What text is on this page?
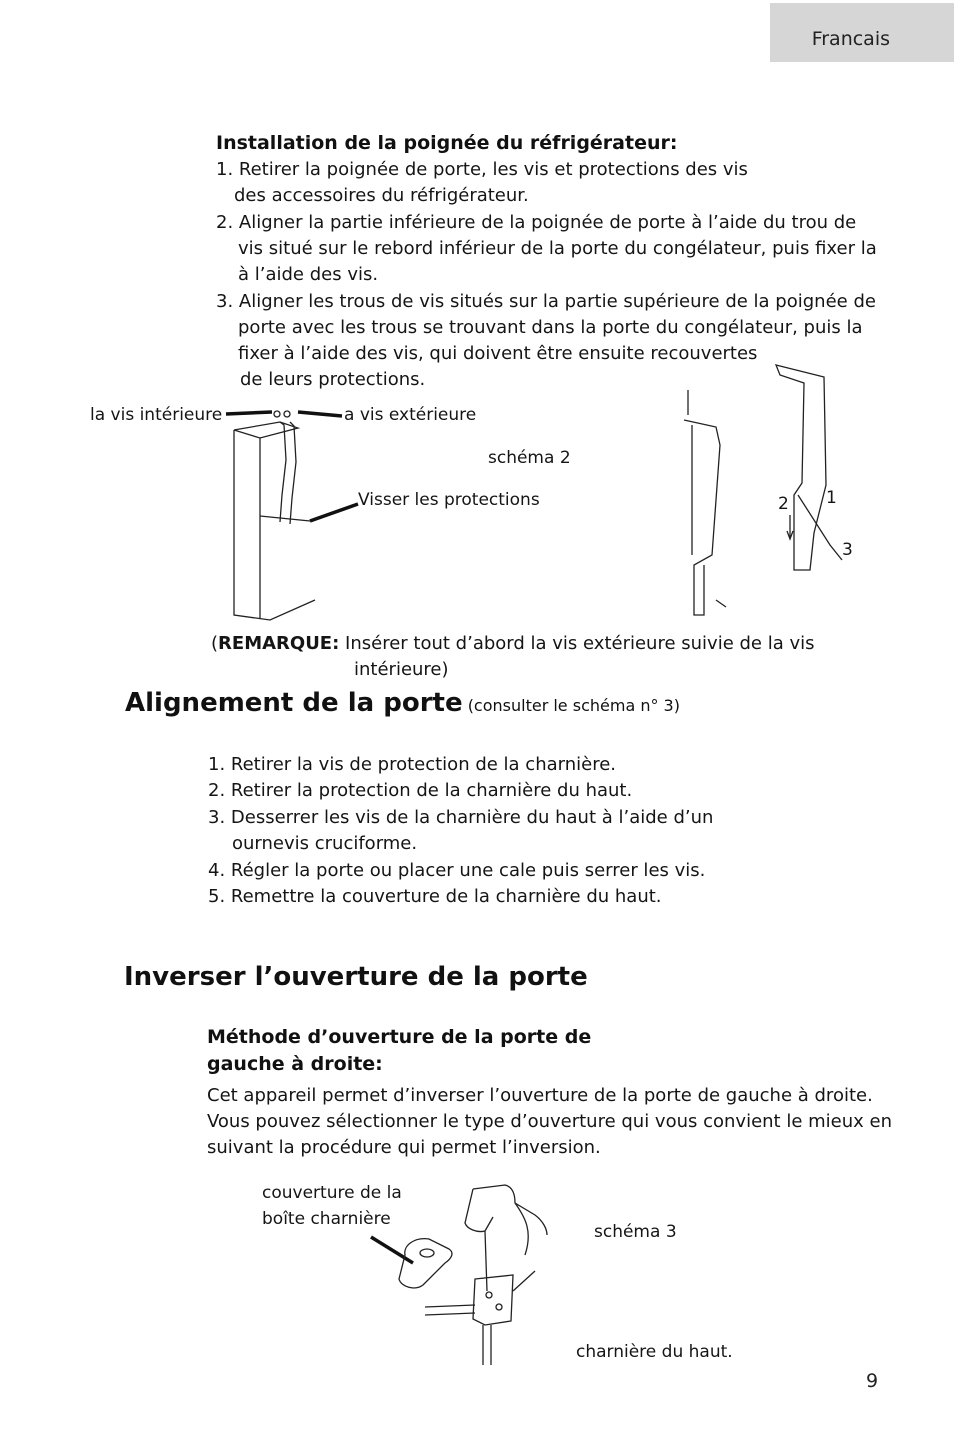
Francais
Installation de la poignée du réfrigérateur:
1. Retirer la poignée de porte, les vis et protections des vis
des accessoires du réfrigérateur.
2. Aligner la partie inférieure de la poignée de porte à l’aide du trou de
vis situé sur le rebord inférieur de la porte du congélateur, puis fixer la
à l’aide des vis.
3. Aligner les trous de vis situés sur la partie supérieure de la poignée de
porte avec les trous se trouvant dans la porte du congélateur, puis la
fixer à l’aide des vis, qui doivent être ensuite recouvertes
de leurs protections.
la vis intérieure	a vis extérieure
schéma 2
Visser les protections	1
2
3
(REMARQUE: Insérer tout d’abord la vis extérieure suivie de la vis
intérieure)
Alignement de la porte (consulter le schéma n° 3)
1. Retirer la vis de protection de la charnière.
2. Retirer la protection de la charnière du haut.
3. Desserrer les vis de la charnière du haut à l’aide d’un
ournevis cruciforme.
4. Régler la porte ou placer une cale puis serrer les vis.
5. Remettre la couverture de la charnière du haut.
Inverser l’ouverture de la porte
Méthode d’ouverture de la porte de
gauche à droite:
Cet appareil permet d’inverser l’ouverture de la porte de gauche à droite.
Vous pouvez sélectionner le type d’ouverture qui vous convient le mieux en
suivant la procédure qui permet l’inversion.
couverture de la
boîte charnière
schéma 3
charnière du haut.
9
